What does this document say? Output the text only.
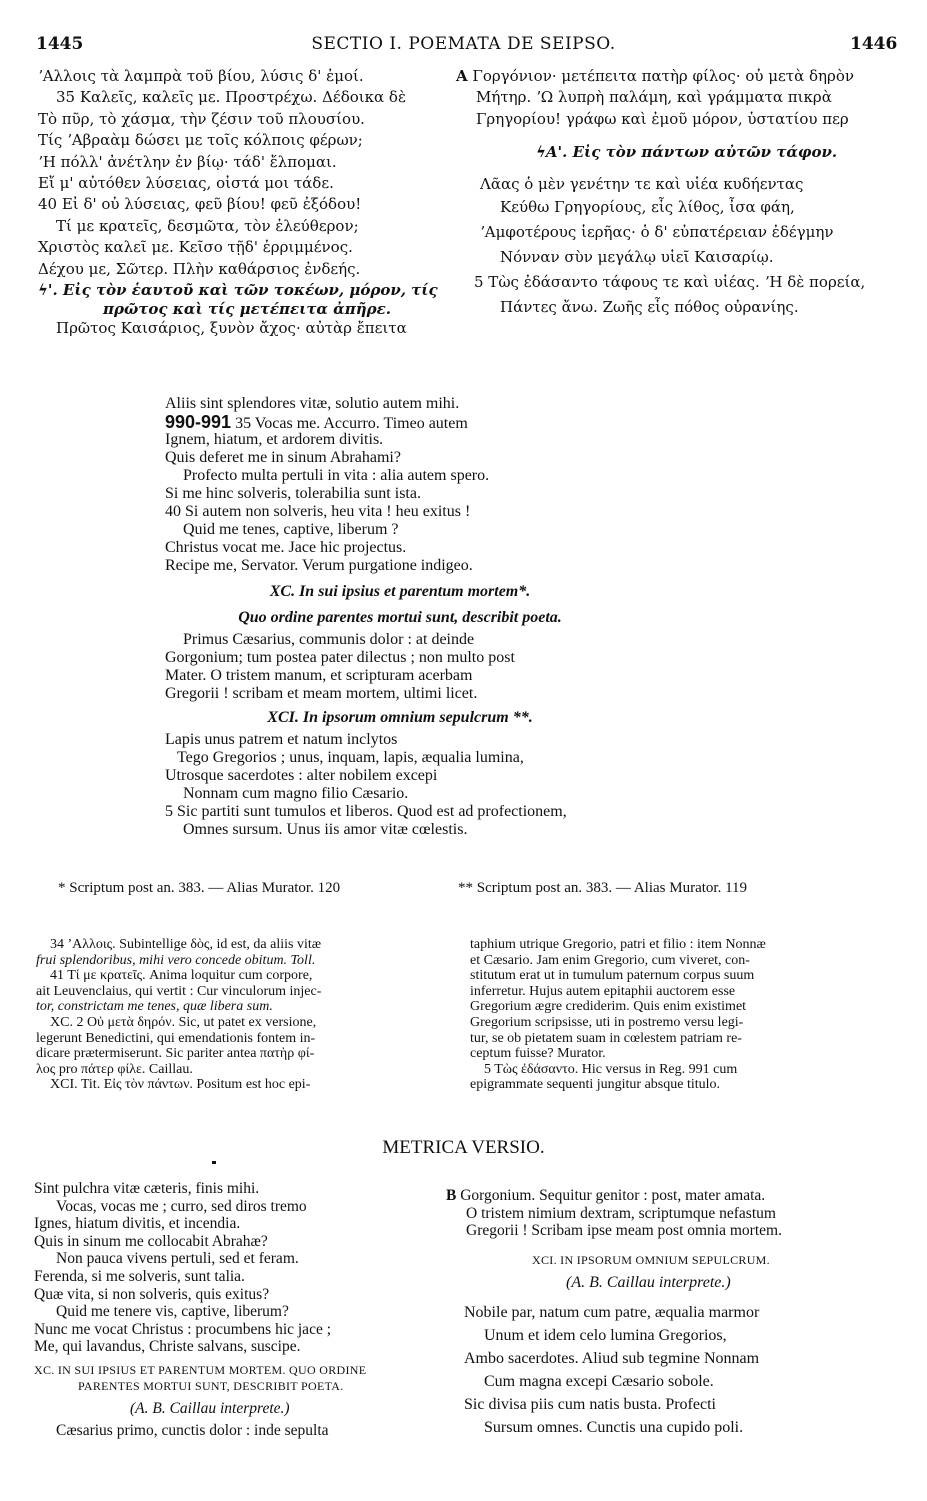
1445	SECTIO I. POEMATA DE SEIPSO.	1446
ʼΑλλοις τὰ λαμπρὰ τοῦ βίου, λύσις δ' ἐμοί.
35 Καλεῖς, καλεῖς με. Προστρέχω. Δέδοικα δὲ
Τὸ πῦρ, τὸ χάσμα, τὴν ζέσιν τοῦ πλουσίου.
Τίς ʼΑβραὰμ δώσει με τοῖς κόλποις φέρων;
ʼΗ πόλλ' ἀνέτλην ἐν βίῳ· τάδ' ἔλπομαι.
Εἴ μ' αὐτόθεν λύσειας, οἰστά μοι τάδε.
40 Εἰ δ' οὐ λύσειας, φεῦ βίου! φεῦ ἐξόδου!
Τί με κρατεῖς, δεσμῶτα, τὸν ἐλεύθερον;
Χριστὸς καλεῖ με. Κεῖσο τῇδ' ἐρριμμένος.
Δέχου με, Σῶτερ. Πλὴν καθάρσιος ἐνδεής.
ϟ'. Εἰς τὸν ἑαυτοῦ καὶ τῶν τοκέων, μόρον, τίς
πρῶτος καὶ τίς μετέπειτα ἀπῆρε.
Πρῶτος Καισάριος, ξυνὸν ἄχος· αὐτὰρ ἔπειτα
A Γοργόνιον· μετέπειτα πατὴρ φίλος· οὐ μετὰ δηρὸν
Μήτηρ. ʼΩ λυπρὴ παλάμη, καὶ γράμματα πικρὰ
Γρηγορίου! γράφω καὶ ἐμοῦ μόρον, ὑστατίου περ
ϟΑ'. Εἰς τὸν πάντων αὐτῶν τάφον.
Λᾶας ὁ μὲν γενέτην τε καὶ υἱέα κυδήεντας
Κεύθω Γρηγορίους, εἷς λίθος, ἶσα φάη,
ʼΑμφοτέρους ἱερῆας· ὁ δ' εὐπατέρειαν ἐδέγμην
Νόνναν σὺν μεγάλῳ υἱεῖ Καισαρίῳ.
5 Τὼς ἐδάσαντο τάφους τε καὶ υἱέας. ʼΗ δὲ πορεία,
Πάντες ἄνω. Ζωῆς εἷς πόθος οὐρανίης.
Aliis sint splendores vitæ, solutio autem mihi.
990-991 35 Vocas me. Accurro. Timeo autem
Ignem, hiatum, et ardorem divitis.
Quis deferet me in sinum Abrahami?
Profecto multa pertuli in vita : alia autem spero.
Si me hinc solveris, tolerabilia sunt ista.
40 Si autem non solveris, heu vita ! heu exitus !
Quid me tenes, captive, liberum ?
Christus vocat me. Jace hic projectus.
Recipe me, Servator. Verum purgatione indigeo.
XC. In sui ipsius et parentum mortem*.
Quo ordine parentes mortui sunt, describit poeta.
Primus Cæsarius, communis dolor : at deinde
Gorgonium; tum postea pater dilectus ; non multo post
Mater. O tristem manum, et scripturam acerbam
Gregorii ! scribam et meam mortem, ultimi licet.
XCI. In ipsorum omnium sepulcrum **.
Lapis unus patrem et natum inclytos
Tego Gregorios ; unus, inquam, lapis, æqualia lumina,
Utrosque sacerdotes : alter nobilem excepi
Nonnam cum magno filio Cæsario.
5 Sic partiti sunt tumulos et liberos. Quod est ad profectionem,
Omnes sursum. Unus iis amor vitæ cœlestis.
* Scriptum post an. 383. — Alias Murator. 120	** Scriptum post an. 383. — Alias Murator. 119
34 ʼΑλλοις. Subintellige δὸς, id est, da aliis vitæ
frui splendoribus, mihi vero concede obitum. Toll.
41 Τί με κρατεῖς. Anima loquitur cum corpore,
ait Leuvenclaius, qui vertit : Cur vinculorum injec-
tor, constrictam me tenes, quæ libera sum.
XC. 2 Οὐ μετὰ δηρόν. Sic, ut patet ex versione,
legerunt Benedictini, qui emendationis fontem in-
dicare prætermiserunt. Sic pariter antea πατὴρ φί-
λος pro πάτερ φίλε. Caillau.
XCI. Tit. Εἰς τὸν πάντων. Positum est hoc epi-
taphium utrique Gregorio, patri et filio : item Nonnæ
et Cæsario. Jam enim Gregorio, cum viveret, con-
stitutum erat ut in tumulum paternum corpus suum
inferretur. Hujus autem epitaphii auctorem esse
Gregorium ægre crediderim. Quis enim existimet
Gregorium scripsisse, uti in postremo versu legi-
tur, se ob pietatem suam in cœlestem patriam re-
ceptum fuisse? Murator.
5 Τὼς ἐδάσαντο. Hic versus in Reg. 991 cum
epigrammate sequenti jungitur absque titulo.
METRICA VERSIO.
Sint pulchra vitæ cæteris, finis mihi.
Vocas, vocas me ; curro, sed diros tremo
Ignes, hiatum divitis, et incendia.
Quis in sinum me collocabit Abrahæ?
Non pauca vivens pertuli, sed et feram.
Ferenda, si me solveris, sunt talia.
Quæ vita, si non solveris, quis exitus?
Quid me tenere vis, captive, liberum?
Nunc me vocat Christus : procumbens hic jace ;
Me, qui lavandus, Christe salvans, suscipe.
XC. IN SUI IPSIUS ET PARENTUM MORTEM. QUO ORDINE
PARENTES MORTUI SUNT, DESCRIBIT POETA.
(A. B. Caillau interprete.)
Cæsarius primo, cunctis dolor : inde sepulta
B Gorgonium. Sequitur genitor : post, mater amata.
O tristem nimium dextram, scriptumque nefastum
Gregorii ! Scribam ipse meam post omnia mortem.
XCI. IN IPSORUM OMNIUM SEPULCRUM.
(A. B. Caillau interprete.)
Nobile par, natum cum patre, æqualia marmor
Unum et idem celo lumina Gregorios,
Ambo sacerdotes. Aliud sub tegmine Nonnam
Cum magna excepi Cæsario sobole.
Sic divisa piis cum natis busta. Profecti
Sursum omnes. Cunctis una cupido poli.
